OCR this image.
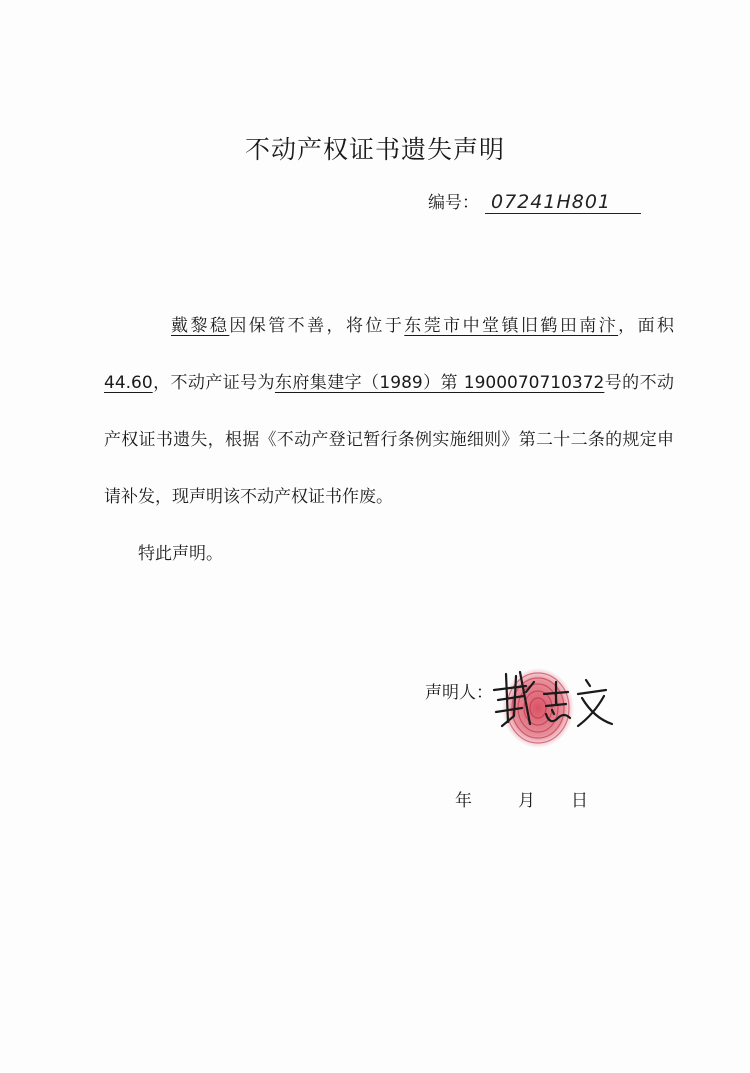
不动产权证书遗失声明
编号： 07241H801

戴黎稳因保管不善，将位于东莞市中堂镇旧鹤田南汴，面积44.60，不动产证号为东府集建字（1989）第 1900070710372号的不动产权证书遗失，根据《不动产登记暂行条例实施细则》第二十二条的规定申请补发，现声明该不动产权证书作废。

特此声明。

声明人：
年	月 日
